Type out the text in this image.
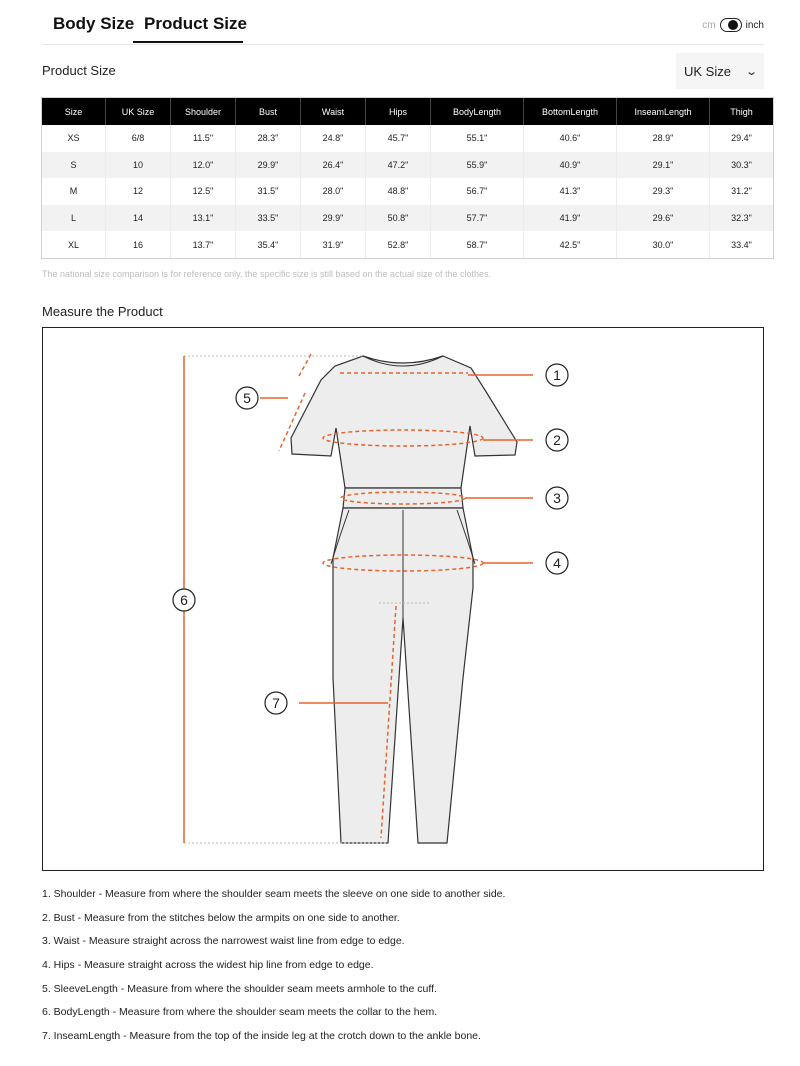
Body Size Product Size	cm	inch
Product Size	UK Size ⌄
Size	UK Size	Shoulder	Bust	Waist	Hips	BodyLength	BottomLength	InseamLength	Thigh
XS	6/8	11.5"	28.3"	24.8"	45.7"	55.1"	40.6"	28.9"	29.4"
S	10	12.0"	29.9"	26.4"	47.2"	55.9"	40.9"	29.1"	30.3"
M	12	12.5"	31.5"	28.0"	48.8"	56.7"	41.3"	29.3"	31.2"
L	14	13.1"	33.5"	29.9"	50.8"	57.7"	41.9"	29.6"	32.3"
XL	16	13.7"	35.4"	31.9"	52.8"	58.7"	42.5"	30.0"	33.4"
The national size comparison is for reference only, the specific size is still based on the actual size of the clothes.
Measure the Product
1
2
3
4
5
6
7
1. Shoulder - Measure from where the shoulder seam meets the sleeve on one side to another side.
2. Bust - Measure from the stitches below the armpits on one side to another.
3. Waist - Measure straight across the narrowest waist line from edge to edge.
4. Hips - Measure straight across the widest hip line from edge to edge.
5. SleeveLength - Measure from where the shoulder seam meets armhole to the cuff.
6. BodyLength - Measure from where the shoulder seam meets the collar to the hem.
7. InseamLength - Measure from the top of the inside leg at the crotch down to the ankle bone.
